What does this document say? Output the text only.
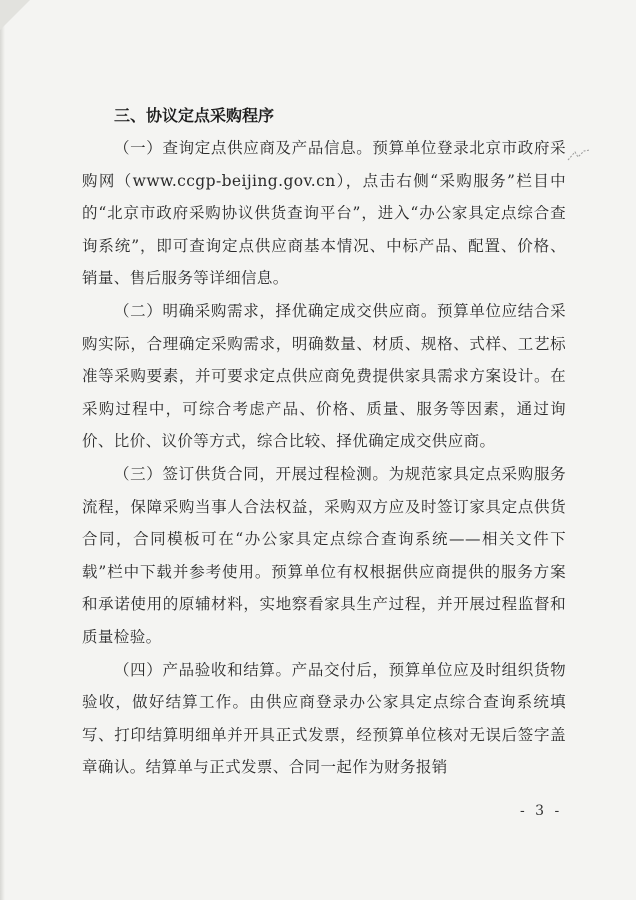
三、协议定点采购程序

（一）查询定点供应商及产品信息。预算单位登录北京市政府采购网（www.ccgp-beijing.gov.cn），点击右侧“采购服务”栏目中的“北京市政府采购协议供货查询平台”，进入“办公家具定点综合查询系统”，即可查询定点供应商基本情况、中标产品、配置、价格、销量、售后服务等详细信息。

（二）明确采购需求，择优确定成交供应商。预算单位应结合采购实际，合理确定采购需求，明确数量、材质、规格、式样、工艺标准等采购要素，并可要求定点供应商免费提供家具需求方案设计。在采购过程中，可综合考虑产品、价格、质量、服务等因素，通过询价、比价、议价等方式，综合比较、择优确定成交供应商。

（三）签订供货合同，开展过程检测。为规范家具定点采购服务流程，保障采购当事人合法权益，采购双方应及时签订家具定点供货合同，合同模板可在“办公家具定点综合查询系统——相关文件下载”栏中下载并参考使用。预算单位有权根据供应商提供的服务方案和承诺使用的原辅材料，实地察看家具生产过程，并开展过程监督和质量检验。

（四）产品验收和结算。产品交付后，预算单位应及时组织货物验收，做好结算工作。由供应商登录办公家具定点综合查询系统填写、打印结算明细单并开具正式发票，经预算单位核对无误后签字盖章确认。结算单与正式发票、合同一起作为财务报销

- 3 -
